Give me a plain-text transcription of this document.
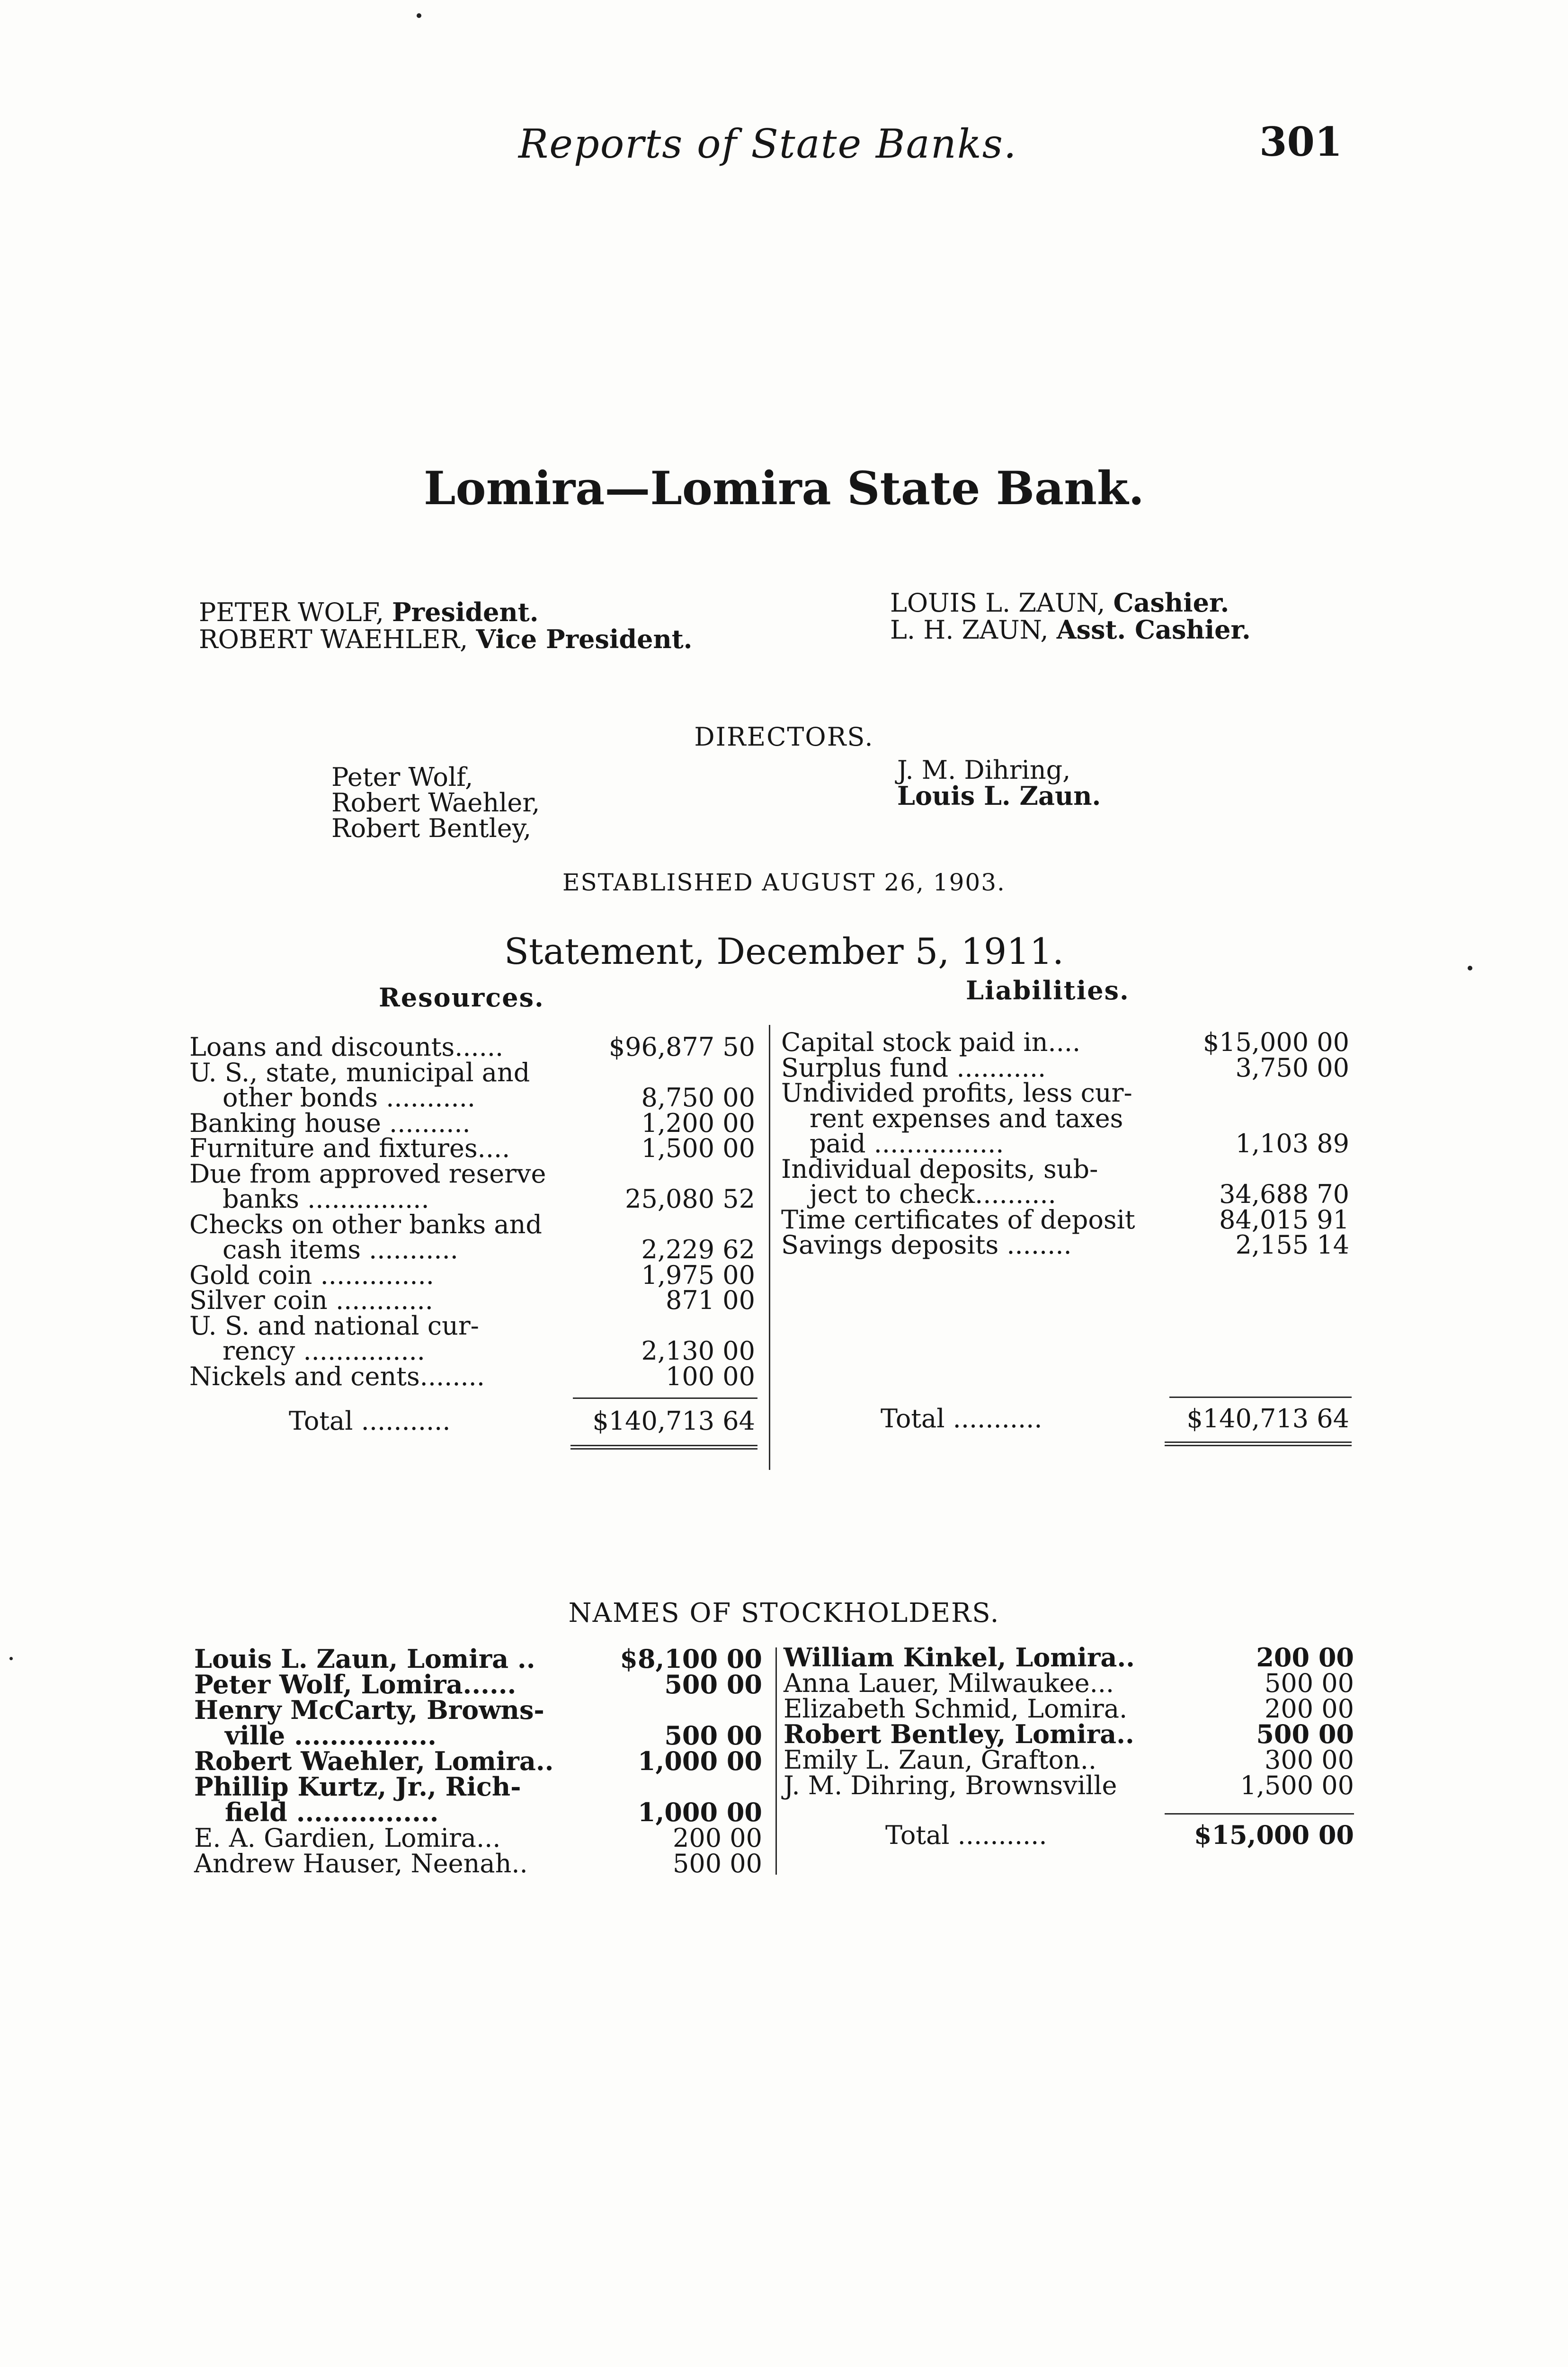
Reports of State Banks.	301
Lomira—Lomira State Bank.
PETER WOLF, President.
ROBERT WAEHLER, Vice President.
LOUIS L. ZAUN, Cashier.
L. H. ZAUN, Asst. Cashier.
DIRECTORS.
Peter Wolf,
Robert Waehler,
Robert Bentley,
J. M. Dihring,
Louis L. Zaun.
ESTABLISHED AUGUST 26, 1903.
Statement, December 5, 1911.
Resources.	Liabilities.
Loans and discounts......	$96,877 50
U. S., state, municipal and
other bonds ...........	8,750 00
Banking house ..........	1,200 00
Furniture and fixtures....	1,500 00
Due from approved reserve
banks ...............	25,080 52
Checks on other banks and
cash items ...........	2,229 62
Gold coin ..............	1,975 00
Silver coin ............	871 00
U. S. and national cur-
rency ...............	2,130 00
Nickels and cents........	100 00
Capital stock paid in....	$15,000 00
Surplus fund ...........	3,750 00
Undivided profits, less cur-
rent expenses and taxes
paid ................	1,103 89
Individual deposits, sub-
ject to check..........	34,688 70
Time certificates of deposit	84,015 91
Savings deposits ........	2,155 14
Total ...........	$140,713 64	Total ...........	$140,713 64
NAMES OF STOCKHOLDERS.
Louis L. Zaun, Lomira ..	$8,100 00
Peter Wolf, Lomira......	500 00
Henry McCarty, Browns-
ville ................	500 00
Robert Waehler, Lomira..	1,000 00
Phillip Kurtz, Jr., Rich-
field ................	1,000 00
E. A. Gardien, Lomira...	200 00
Andrew Hauser, Neenah..	500 00
William Kinkel, Lomira..	200 00
Anna Lauer, Milwaukee...	500 00
Elizabeth Schmid, Lomira.	200 00
Robert Bentley, Lomira..	500 00
Emily L. Zaun, Grafton..	300 00
J. M. Dihring, Brownsville	1,500 00
Total ...........	$15,000 00
